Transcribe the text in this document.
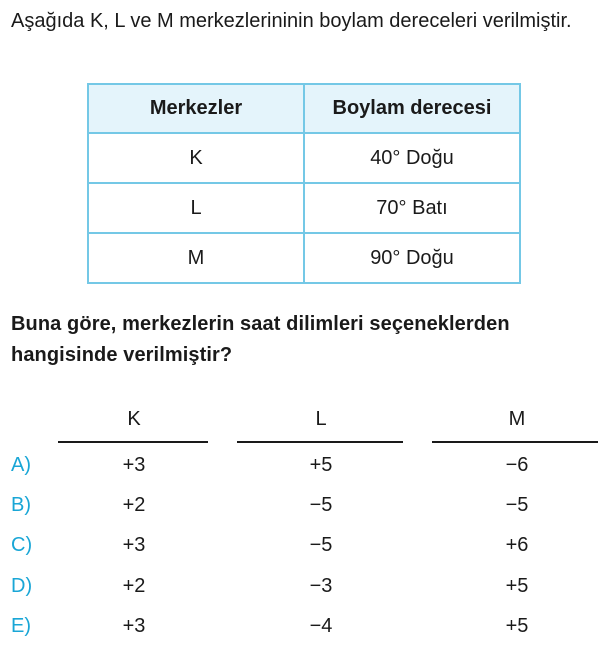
Aşağıda K, L ve M merkezlerininin boylam dereceleri verilmiştir.

Merkezler	Boylam derecesi
K	40° Doğu
L	70° Batı
M	90° Doğu

Buna göre, merkezlerin saat dilimleri seçeneklerden hangisinde verilmiştir?

K	L	M
A)	+3	+5	−6
B)	+2	−5	−5
C)	+3	−5	+6
D)	+2	−3	+5
E)	+3	−4	+5
